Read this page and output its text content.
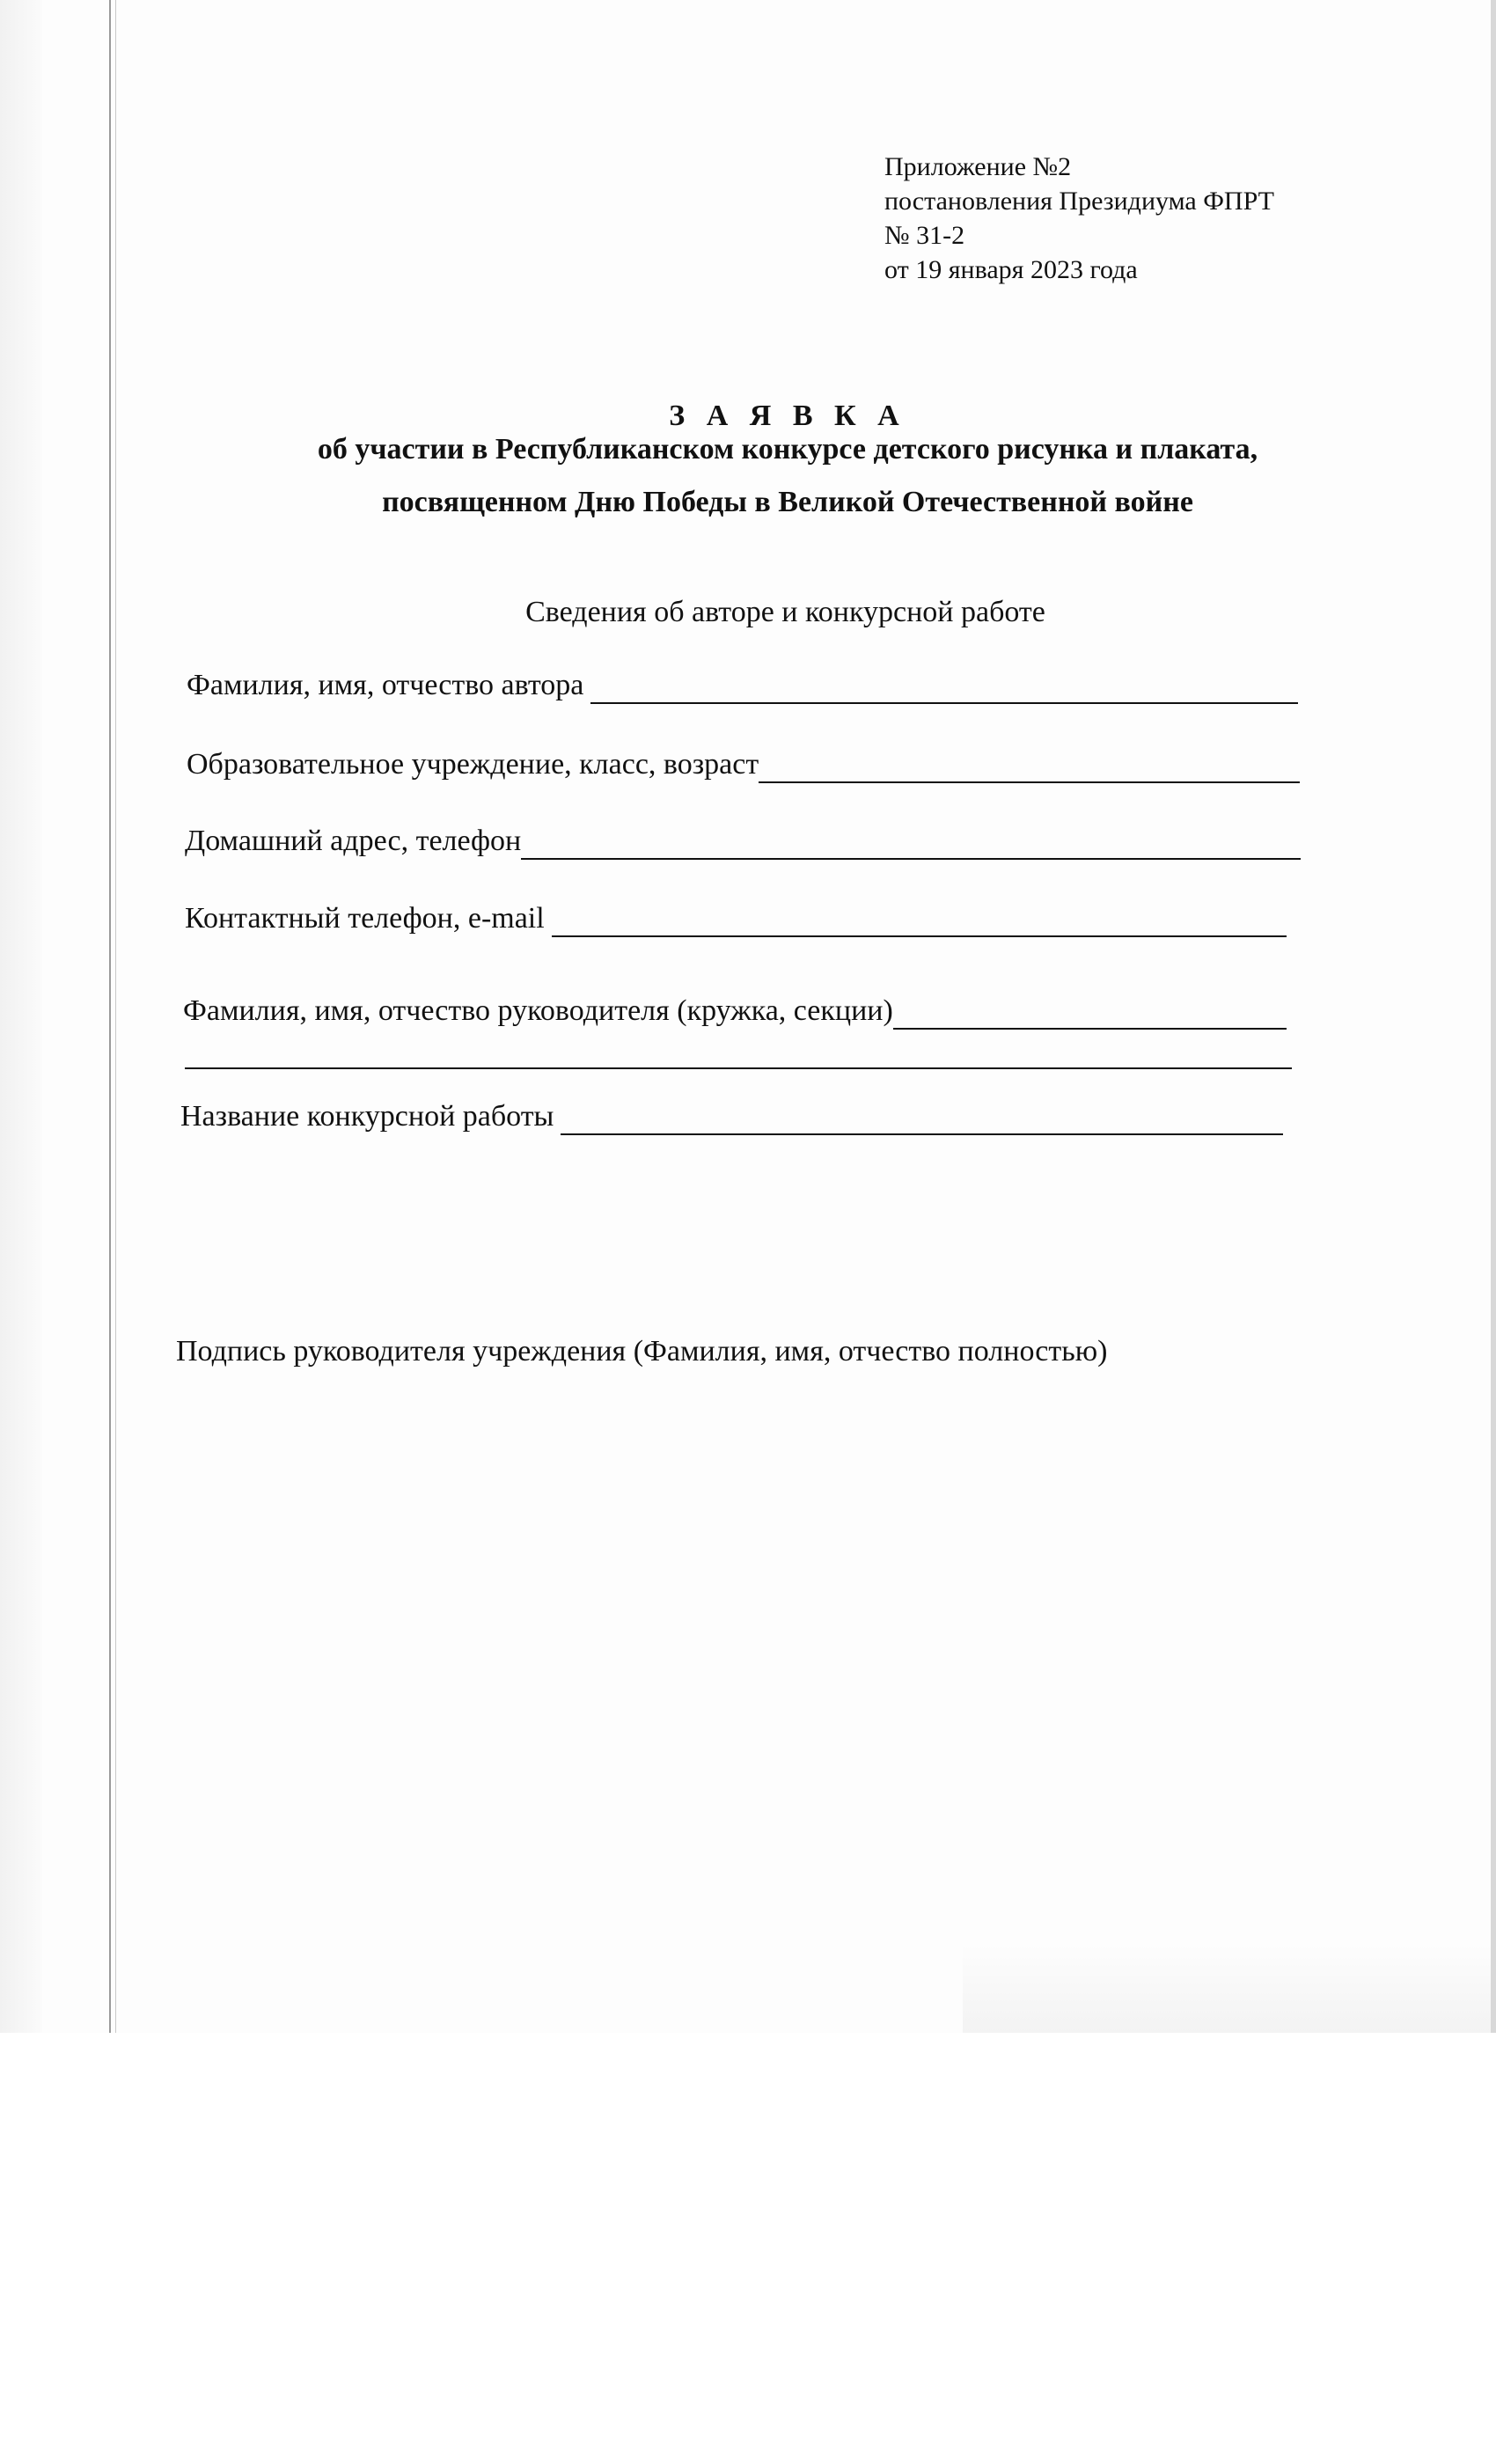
Приложение №2
постановления Президиума ФПРТ
№ 31-2
от 19 января 2023 года
З А Я В К А
об участии в Республиканском конкурсе детского рисунка и плаката,
посвященном Дню Победы в Великой Отечественной войне
Сведения об авторе и конкурсной работе
Фамилия, имя, отчество автора
Образовательное учреждение, класс, возраст
Домашний адрес, телефон
Контактный телефон, e-mail
Фамилия, имя, отчество руководителя (кружка, секции)
Название конкурсной работы
Подпись руководителя учреждения (Фамилия, имя, отчество полностью)
